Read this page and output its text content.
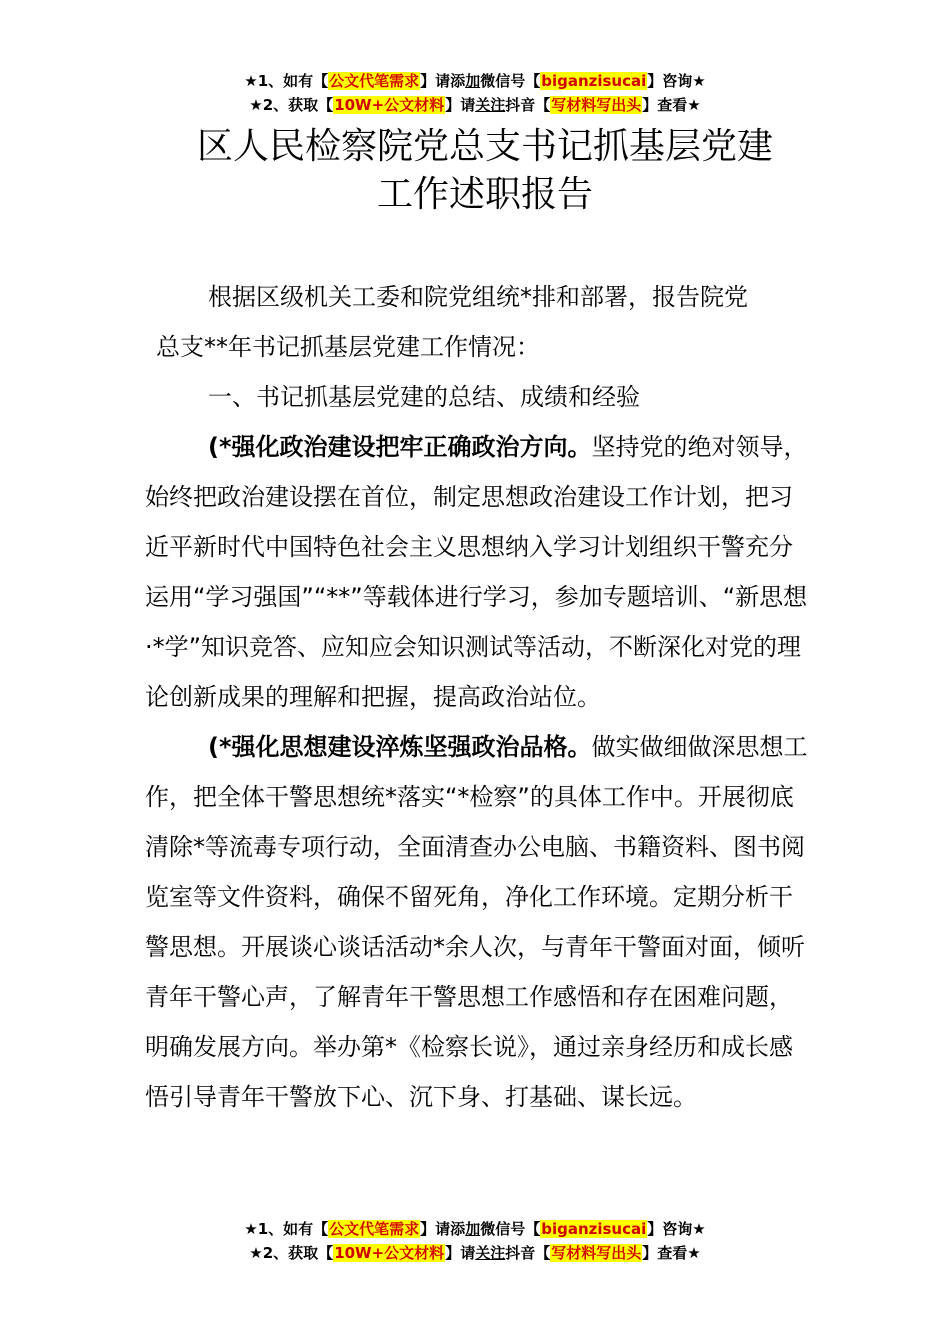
★1、如有【公文代笔需求】请添加微信号【biganzisucai】咨询★
★2、获取【10W+公文材料】请关注抖音【写材料写出头】查看★
区人民检察院党总支书记抓基层党建
工作述职报告

根据区级机关工委和院党组统*排和部署，报告院党

总支**年书记抓基层党建工作情况：

一、书记抓基层党建的总结、成绩和经验

(*强化政治建设把牢正确政治方向。坚持党的绝对领导，始终把政治建设摆在首位，制定思想政治建设工作计划，把习近平新时代中国特色社会主义思想纳入学习计划组织干警充分运用“学习强国”“**”等载体进行学习，参加专题培训、“新思想·*学”知识竞答、应知应会知识测试等活动，不断深化对党的理论创新成果的理解和把握，提高政治站位。

(*强化思想建设淬炼坚强政治品格。做实做细做深思想工作，把全体干警思想统*落实“*检察”的具体工作中。开展彻底清除*等流毒专项行动，全面清查办公电脑、书籍资料、图书阅览室等文件资料，确保不留死角，净化工作环境。定期分析干警思想。开展谈心谈话活动*余人次，与青年干警面对面，倾听青年干警心声，了解青年干警思想工作感悟和存在困难问题，明确发展方向。举办第*《检察长说》，通过亲身经历和成长感悟引导青年干警放下心、沉下身、打基础、谋长远。

★1、如有【公文代笔需求】请添加微信号【biganzisucai】咨询★
★2、获取【10W+公文材料】请关注抖音【写材料写出头】查看★
